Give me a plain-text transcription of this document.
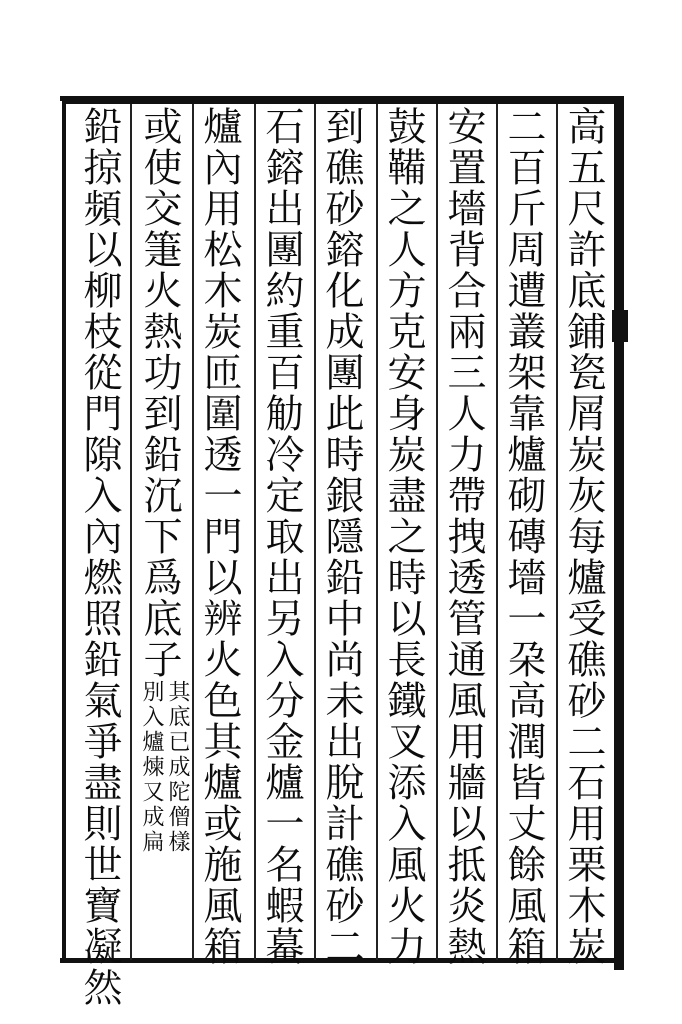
高五尺許底鋪瓷屑炭灰每爐受礁砂二石用栗木炭
二百斤周遭叢架靠爐砌磚墻一朶高潤皆丈餘風箱
安置墻背合兩三人力帶拽透管通風用牆以抵炎熱
鼓鞴之人方克安身炭盡之時以長鐵叉添入風火力
到礁砂鎔化成團此時銀隱鉛中尚未出脫計礁砂二
石鎔出團約重百觔冷定取出另入分金爐一名蝦蟇
爐內用松木炭匝圍透一門以辨火色其爐或施風箱
或使交箑火熱功到鉛沉下爲底子
鉛掠頻以柳枝從門隙入內燃照鉛氣爭盡則世寶凝然 其底已成陀僧樣
別入爐煉又成扁
